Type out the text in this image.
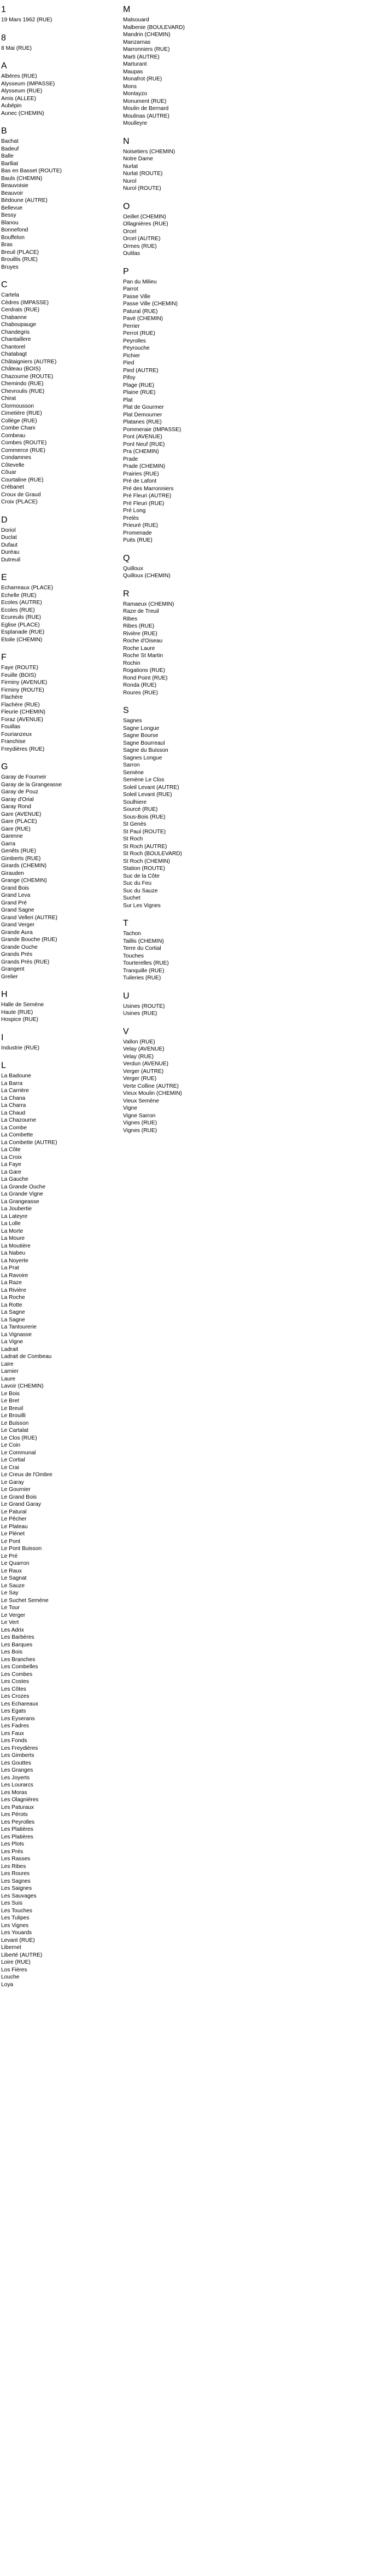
1
19 Mars 1962 (RUE)
8
8 Mai (RUE)
A
Albères (RUE)
Alysseum (IMPASSE)
Alysseum (RUE)
Amis (ALLEE)
Aubépin
Aunec (CHEMIN)
B
Bachat
Badeuf
Balle
Barlliat
Bas en Basset (ROUTE)
Bauls (CHEMIN)
Beauvoisie
Beauvoir
Bédoune (AUTRE)
Bellevue
Bessy
Blanou
Bonnefond
Bouffelon
Bras
Breuil (PLACE)
Brouillis (RUE)
Bruyes
C
Cartela
Cèdres (IMPASSE)
Cerdrats (RUE)
Chabanne
Chaboupauge
Chandegris
Chantaillere
Chantorel
Chatabagt
Châtaigniers (AUTRE)
Château (BOIS)
Chazourne (ROUTE)
Chemindo (RUE)
Chevroulis (RUE)
Chirat
Clormousson
Cimetière (RUE)
Collège (RUE)
Combe Chani
Combeau
Combes (ROUTE)
Commerce (RUE)
Condamnes
Côtevelle
Côuar
Courtaline (RUE)
Crébanet
Croux de Graud
Croix (PLACE)
D
Doriol
Duclat
Dufaut
Duréau
Dutreuil
E
Echarreaux (PLACE)
Echelle (RUE)
Ecoles (AUTRE)
Ecoles (RUE)
Ecureuils (RUE)
Eglise (PLACE)
Esplanade (RUE)
Etoile (CHEMIN)
F
Faye (ROUTE)
Feuille (BOIS)
Firminy (AVENUE)
Firminy (ROUTE)
Flachère
Flachère (RUE)
Fleurie (CHEMIN)
Foraz (AVENUE)
Fouillas
Fourianzeux
Franchise
Freydières (RUE)
G
Garay de Fourneir
Garay de la Grangeasse
Garay de Pouz
Garay d'Orial
Garay Rond
Gare (AVENUE)
Gare (PLACE)
Gare (RUE)
Garenne
Garra
Genêts (RUE)
Gimberts (RUE)
Girards (CHEMIN)
Girauden
Grange (CHEMIN)
Grand Bois
Grand Leva
Grand Pré
Grand Sagne
Grand Velleri (AUTRE)
Grand Verger
Grande Aura
Grande Bouche (RUE)
Grande Ouche
Grands Prés
Grands Prés (RUE)
Grangent
Grelier
H
Halle de Semène
Haute (RUE)
Hospice (RUE)
I
Industrie (RUE)
L
La Badoune
La Barra
La Carrière
La Chana
La Charra
La Chaud
La Chazourne
La Combe
La Combette
La Combette (AUTRE)
La Côte
La Croix
La Faye
La Gare
La Gauche
La Grande Ouche
La Grande Vigne
La Grangeasse
La Joubertie
La Lateyre
La Lolle
La Morte
La Moure
La Moutière
La Nabeu
La Noyerte
La Prat
La Ravoire
La Raze
La Rivière
La Roche
La Rotte
La Sagne
La Sagne
La Tantourerie
La Vignasse
La Vigne
Ladrait
Ladrait de Combeau
Laire
Larnier
Laure
Lavoir (CHEMIN)
Le Bois
Le Bret
Le Breuil
Le Brouilli
Le Buisson
Le Cartalat
Le Clos (RUE)
Le Coin
Le Communal
Le Cortial
Le Crai
Le Creux de l'Ombre
Le Garay
Le Gournier
Le Grand Bois
Le Grand Garay
Le Patural
Le Pêcher
Le Plateau
Le Plénet
Le Pont
Le Pont Buisson
Le Pré
Le Quarron
Le Raux
Le Sagnat
Le Sauze
Le Say
Le Suchet Semène
Le Tour
Le Verger
Le Vert
Les Adrix
Les Barbères
Les Barques
Les Bois
Les Branches
Les Combelles
Les Combes
Les Costes
Les Côtes
Les Crozes
Les Echareaux
Les Egats
Les Eyserans
Les Fadres
Les Faux
Les Fonds
Les Freydières
Les Gimberts
Les Gouttes
Les Granges
Les Joyerts
Les Lourarcs
Les Moras
Les Olagnières
Les Paturaux
Les Pérots
Les Peyrolles
Les Platières
Les Platières
Les Plots
Les Prés
Les Rasses
Les Ribes
Les Roures
Les Sagnes
Les Saignes
Les Sauvages
Les Suis
Les Touches
Les Tulipes
Les Vignes
Les Youards
Levant (RUE)
Libernet
Liberté (AUTRE)
Loire (RUE)
Los Fières
Louche
Loya
M
Malsouard
Malbenie (BOULEVARD)
Mandrin (CHEMIN)
Manzarnas
Marronniers (RUE)
Marti (AUTRE)
Marturant
Maupas
Monafrot (RUE)
Mons
Montayzo
Monument (RUE)
Moulin de Bernard
Moulinas (AUTRE)
Moulleyre
N
Noisetiers (CHEMIN)
Notre Dame
Nurlat
Nurlat (ROUTE)
Nurol
Nurol (ROUTE)
O
Oeillet (CHEMIN)
Ollagnières (RUE)
Orcel
Orcel (AUTRE)
Ormes (RUE)
Oulilas
P
Pan du Milieu
Parrot
Passe Ville
Passe Ville (CHEMIN)
Patural (RUE)
Pavé (CHEMIN)
Perrier
Perrot (RUE)
Peyrolles
Peyrouche
Pichier
Pied
Pied (AUTRE)
Pifoy
Plage (RUE)
Plaine (RUE)
Plat
Plat de Gourmer
Plat Demourner
Platanes (RUE)
Pommeraie (IMPASSE)
Pont (AVENUE)
Pont Neuf (RUE)
Pra (CHEMIN)
Prade
Prade (CHEMIN)
Prairies (RUE)
Pré de Lafont
Pré des Marronniers
Pré Fleuri (AUTRE)
Pré Fleuri (RUE)
Pré Long
Prelès
Prieuré (RUE)
Promenade
Puits (RUE)
Q
Quilloux
Quilloux (CHEMIN)
R
Ramaeux (CHEMIN)
Raze de Treuil
Ribes
Ribes (RUE)
Rivière (RUE)
Roche d'Oiseau
Roche Laure
Roche St Martin
Rochin
Rogations (RUE)
Rond Point (RUE)
Ronda (RUE)
Roures (RUE)
S
Sagnes
Sagne Longue
Sagne Bourse
Sagne Bourreaul
Sagne du Buisson
Sagnes Longue
Sarron
Semène
Semène Le Clos
Soleil Levant (AUTRE)
Soleil Levant (RUE)
Soulhiere
Sourcé (RUE)
Sous-Bois (RUE)
St Genès
St Paul (ROUTE)
St Roch
St Roch (AUTRE)
St Roch (BOULEVARD)
St Roch (CHEMIN)
Station (ROUTE)
Suc de la Côte
Suc du Feu
Suc du Sauze
Suchet
Sur Les Vignes
T
Tachon
Taillis (CHEMIN)
Terre du Cortial
Touches
Tourterelles (RUE)
Tranquille (RUE)
Tuileries (RUE)
U
Usines (ROUTE)
Usines (RUE)
V
Vallon (RUE)
Velay (AVENUE)
Velay (RUE)
Verdun (AVENUE)
Verger (AUTRE)
Verger (RUE)
Verte Colline (AUTRE)
Vieux Moulin (CHEMIN)
Vieux Semène
Vigne
Vigne Sarron
Vignes (RUE)
Vignes (RUE)
